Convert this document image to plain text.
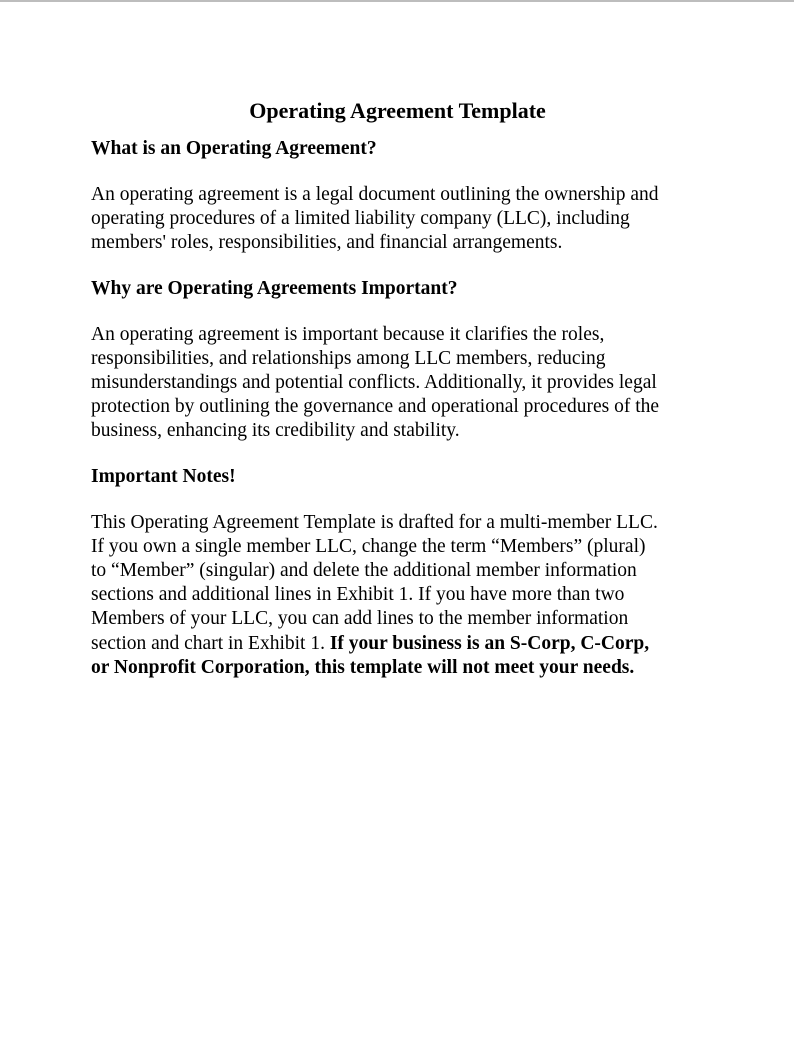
Operating Agreement Template
What is an Operating Agreement?

An operating agreement is a legal document outlining the ownership and
operating procedures of a limited liability company (LLC), including
members' roles, responsibilities, and financial arrangements.

Why are Operating Agreements Important?

An operating agreement is important because it clarifies the roles,
responsibilities, and relationships among LLC members, reducing
misunderstandings and potential conflicts. Additionally, it provides legal
protection by outlining the governance and operational procedures of the
business, enhancing its credibility and stability.

Important Notes!

This Operating Agreement Template is drafted for a multi-member LLC.
If you own a single member LLC, change the term “Members” (plural)
to “Member” (singular) and delete the additional member information
sections and additional lines in Exhibit 1. If you have more than two
Members of your LLC, you can add lines to the member information
section and chart in Exhibit 1. If your business is an S-Corp, C-Corp,
or Nonprofit Corporation, this template will not meet your needs.
